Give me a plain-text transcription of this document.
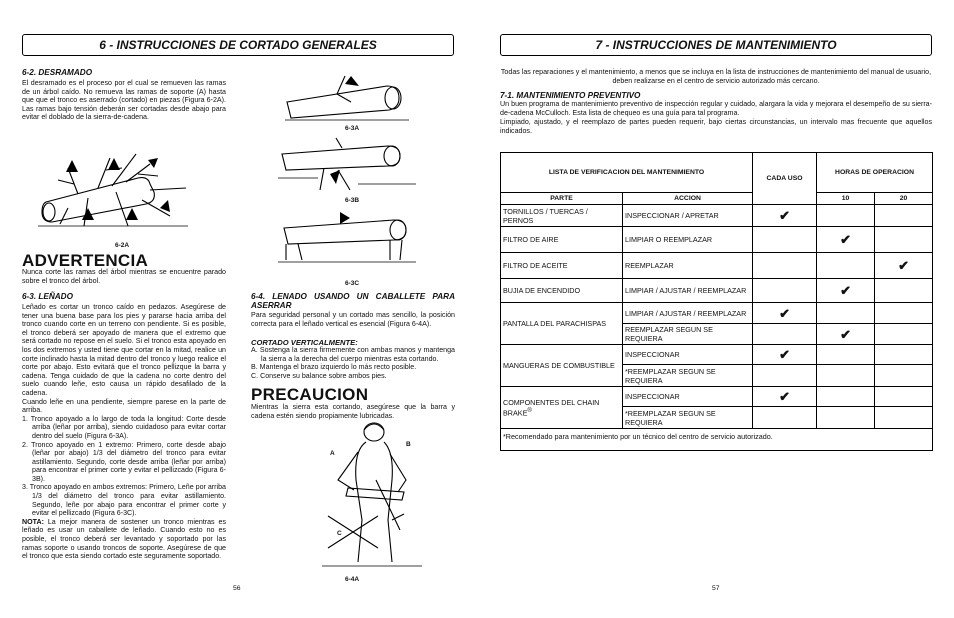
6 - INSTRUCCIONES DE CORTADO GENERALES
6-2. DESRAMADO
El desramado es el proceso por el cual se remueven las ramas de un árbol caído. No remueva las ramas de soporte (A) hasta que que el tronco es aserrado (cortado) en piezas (Figura 6-2A). Las ramas bajo tensión deberán ser cortadas desde abajo para evitar el doblado de la sierra-de-cadena.
6-2A
ADVERTENCIA
Nunca corte las ramas del árbol mientras se encuentre parado sobre el tronco del árbol.
6-3. LEÑADO
Leñado es cortar un tronco caído en pedazos. Asegúrese de tener una buena base para los pies y pararse hacia arriba del tronco cuando corte en un terreno con pendiente. Si es posible, el tronco deberá ser apoyado de manera que el extremo que será cortado no repose en el suelo. Si el tronco esta apoyado en los dos extremos y usted tiene que cortar en la mitad, realice un corte inclinado hasta la mitad dentro del tronco y luego realice el corte por abajo. Esto evitará que el tronco pellizque la barra y cadena. Tenga cuidado de que la cadena no corte dentro del suelo cuando leñe, esto causa un rápido desafilado de la cadena.
Cuando leñe en una pendiente, siempre parese en la parte de arriba.

1. Tronco apoyado a lo largo de toda la longitud: Corte desde arriba (leñar por arriba), siendo cuidadoso para evitar cortar dentro del suelo (Figura 6-3A).

2. Tronco apoyado en 1 extremo: Primero, corte desde abajo (leñar por abajo) 1/3 del diámetro del tronco para evitar astillamiento. Segundo, corte desde arriba (leñar por arriba) para encontrar el primer corte y evitar el pellizcado (Figura 6-3B).

3. Tronco apoyado en ambos extremos: Primero, Leñe por arriba 1/3 del diámetro del tronco para evitar astillamiento. Segundo, leñe por abajo para encontrar el primer corte y evitar el pellizcado (Figura 6-3C).

NOTA: La mejor manera de sostener un tronco mientras es leñado es usar un caballete de leñado. Cuando esto no es posible, el tronco deberá ser levantado y soportado por las ramas soporte o usando troncos de soporte. Asegúrese de que el tronco que esta siendo cortado este seguramente soportado.
6-3A
6-3B
6-3C
6-4. LENADO USANDO UN CABALLETE PARA ASERRAR
Para seguridad personal y un cortado mas sencillo, la posición correcta para el leñado vertical es esencial (Figura 6-4A).
CORTADO VERTICALMENTE:

A. Sostenga la sierra firmemente con ambas manos y mantenga la sierra a la derecha del cuerpo mientras esta cortando.

B. Mantenga el brazo izquierdo lo más recto posible.

C. Conserve su balance sobre ambos pies.

PRECAUCION
Mientras la sierra esta cortando, asegúrese que la barra y cadena estén siendo propiamente lubricadas.
A
B
C
6-4A
56
7 - INSTRUCCIONES DE MANTENIMIENTO
Todas las reparaciones y el mantenimiento, a menos que se incluya en la lista de instrucciones de mantenimiento del manual de usuario, deben realizarse en el centro de servicio autorizado más cercano.
7-1. MANTENIMIENTO PREVENTIVO
Un buen programa de mantenimiento preventivo de inspección regular y cuidado, alargara la vida y mejorara el desempeño de su sierra-de-cadena McCulloch. Esta lista de chequeo es una guía para tal programa.
Limpiado, ajustado, y el reemplazo de partes pueden requerir, bajo ciertas circunstancias, un intervalo mas frecuente que aquellos indicados.
LISTA DE VERIFICACION DEL MANTENIMIENTO		CADA USO	HORAS DE OPERACION	
PARTE	ACCION		10	20
TORNILLOS / TUERCAS / PERNOS	INSPECCIONAR / APRETAR	✔		
FILTRO DE AIRE	LIMPIAR O REEMPLAZAR		✔	
FILTRO DE ACEITE	REEMPLAZAR			✔
BUJIA DE ENCENDIDO	LIMPIAR / AJUSTAR / REEMPLAZAR		✔	
PANTALLA DEL PARACHISPAS	LIMPIAR / AJUSTAR / REEMPLAZAR	✔		
	REEMPLAZAR SEGUN SE REQUIERA		✔	
MANGUERAS DE COMBUSTIBLE	INSPECCIONAR	✔		
	*REEMPLAZAR SEGUN SE REQUIERA			
COMPONENTES DEL CHAIN BRAKE®	INSPECCIONAR	✔		
	*REEMPLAZAR SEGUN SE REQUIERA			
*Recomendado para mantenimiento por un técnico del centro de servicio autorizado.				
57
